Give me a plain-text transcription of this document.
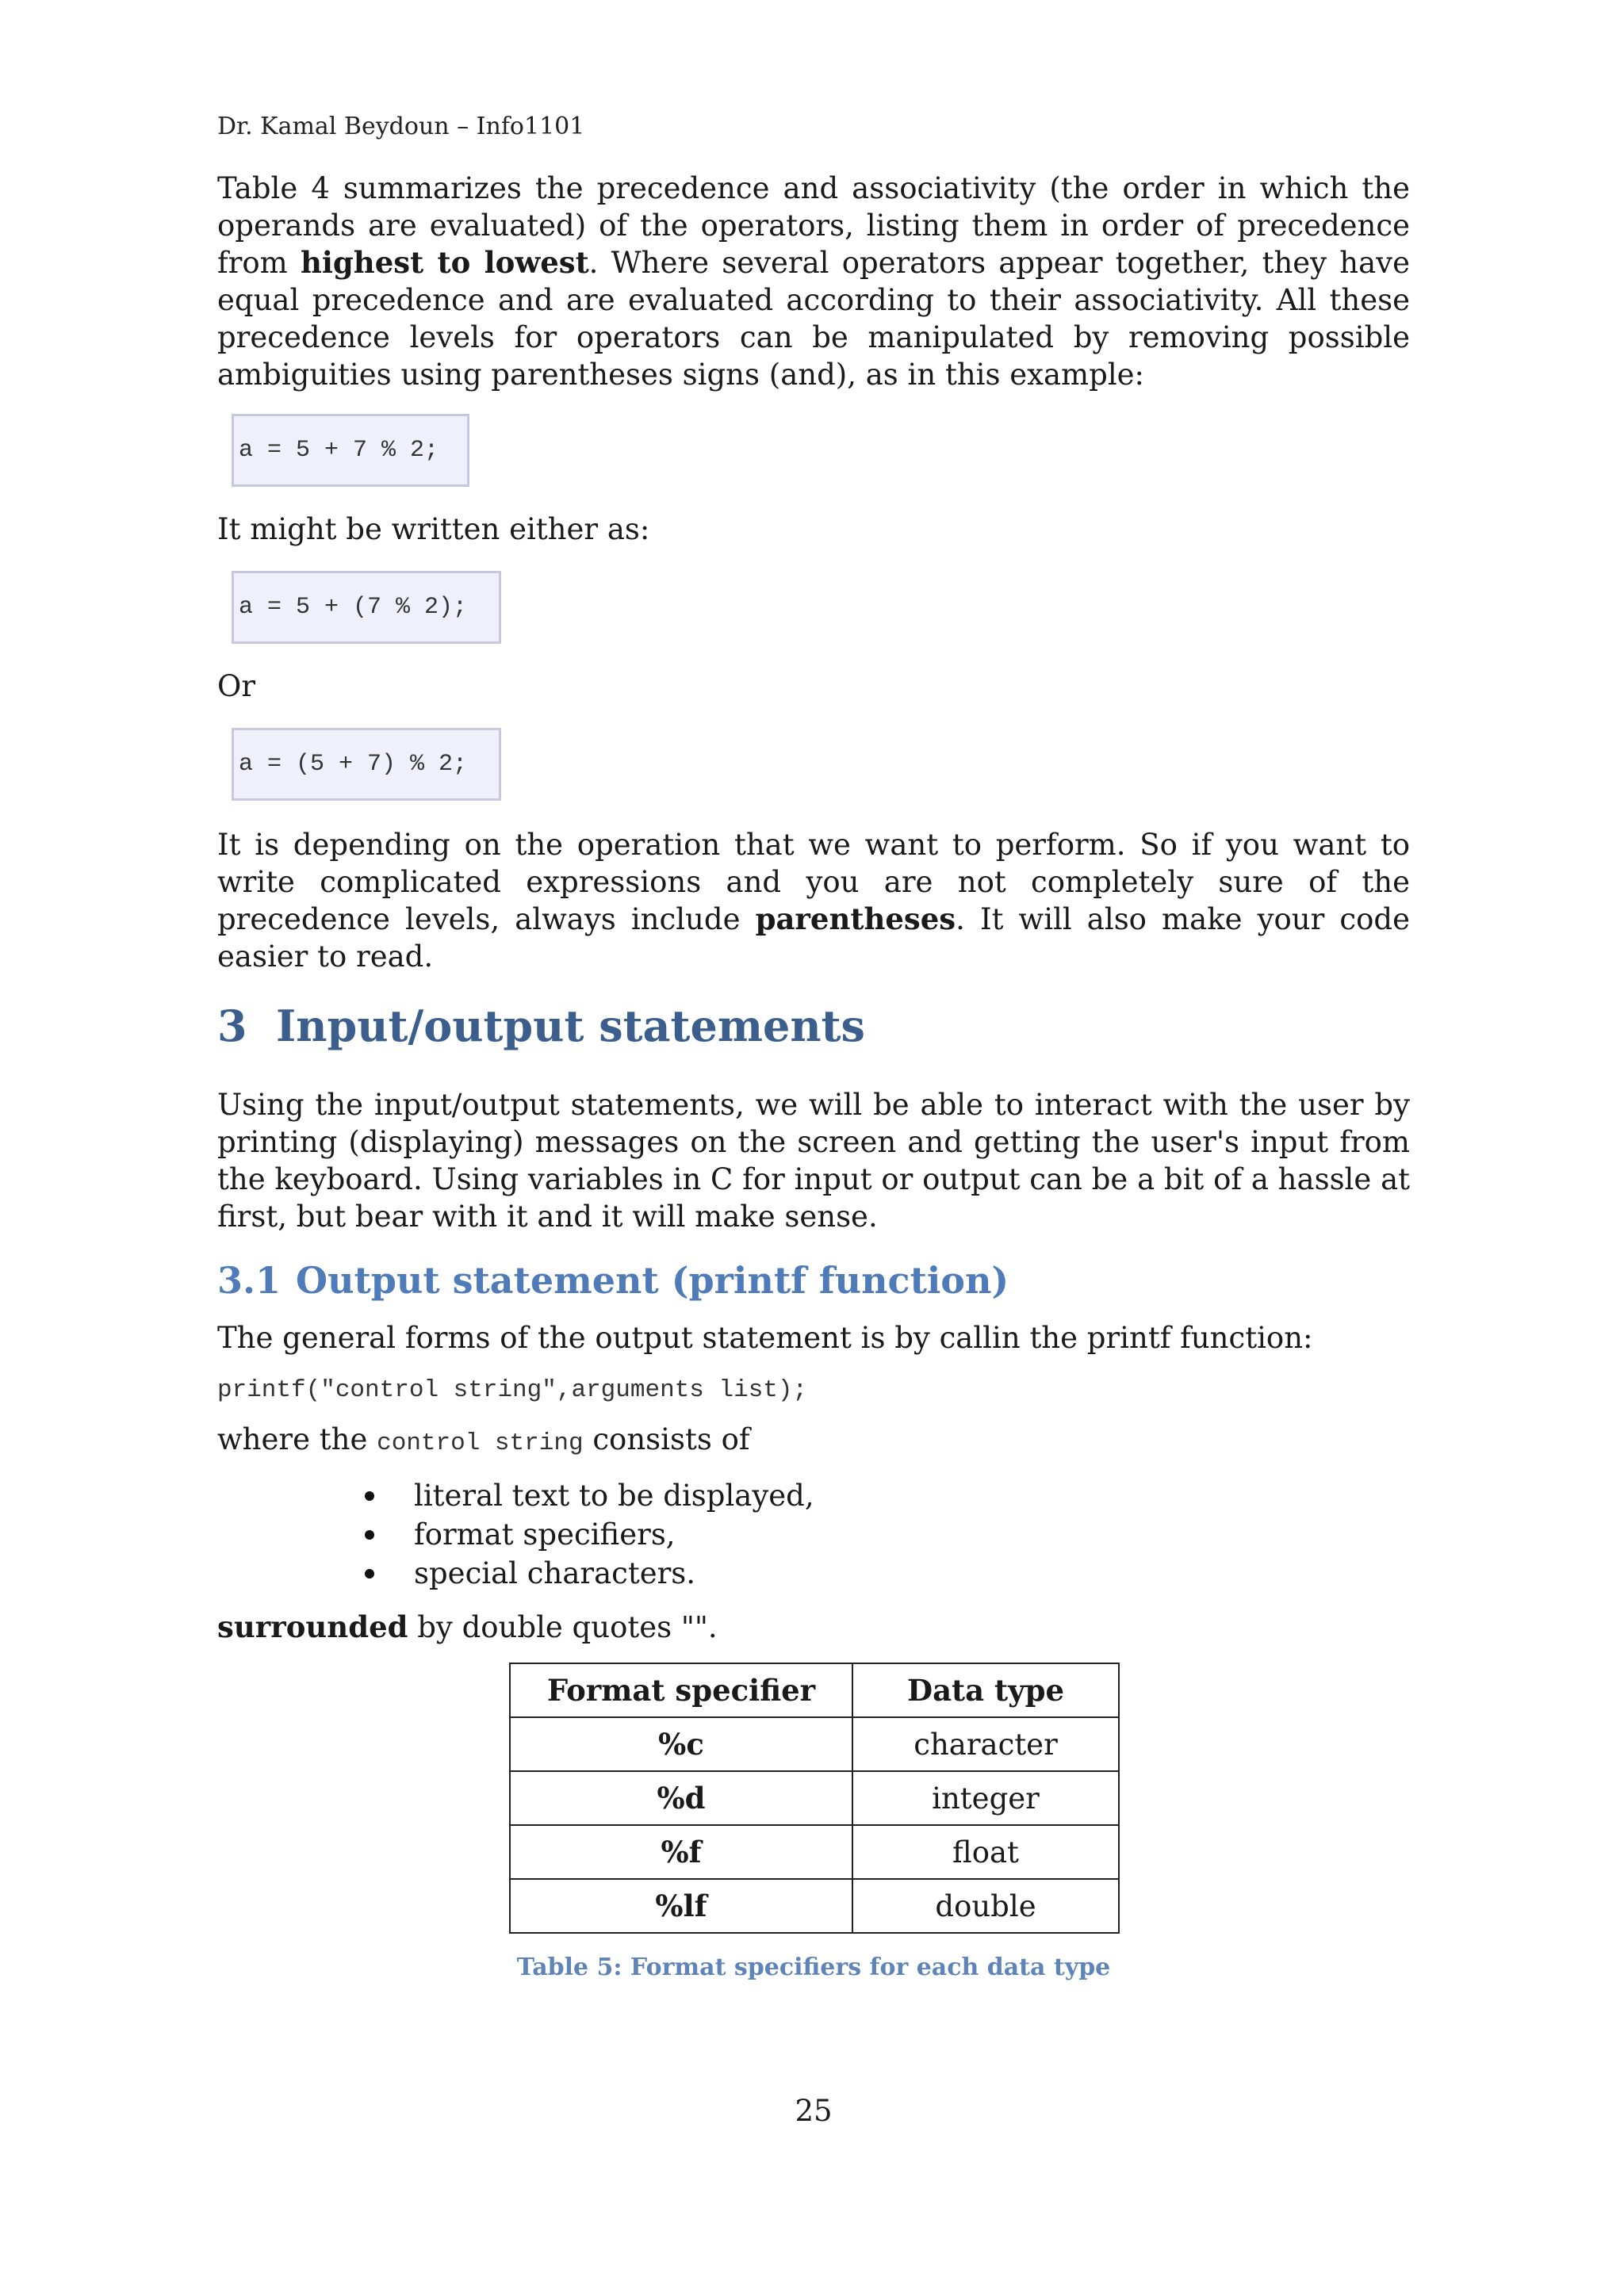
Dr. Kamal Beydoun – Info1101

Table 4 summarizes the precedence and associativity (the order in which the operands are evaluated) of the operators, listing them in order of precedence from highest to lowest. Where several operators appear together, they have equal precedence and are evaluated according to their associativity. All these precedence levels for operators can be manipulated by removing possible ambiguities using parentheses signs (and), as in this example:

a = 5 + 7 % 2;
It might be written either as:
a = 5 + (7 % 2);
Or
a = (5 + 7) % 2;

It is depending on the operation that we want to perform. So if you want to write complicated expressions and you are not completely sure of the precedence levels, always include parentheses. It will also make your code easier to read.

3 Input/output statements

Using the input/output statements, we will be able to interact with the user by printing (displaying) messages on the screen and getting the user's input from the keyboard. Using variables in C for input or output can be a bit of a hassle at first, but bear with it and it will make sense.

3.1 Output statement (printf function)
The general forms of the output statement is by callin the printf function:
printf("control string",arguments list);
where the control string consists of
literal text to be displayed,
format specifiers,
special characters.
surrounded by double quotes "".
Format specifier	Data type
%c	character
%d	integer
%f	float
%lf	double
Table 5: Format specifiers for each data type
25
